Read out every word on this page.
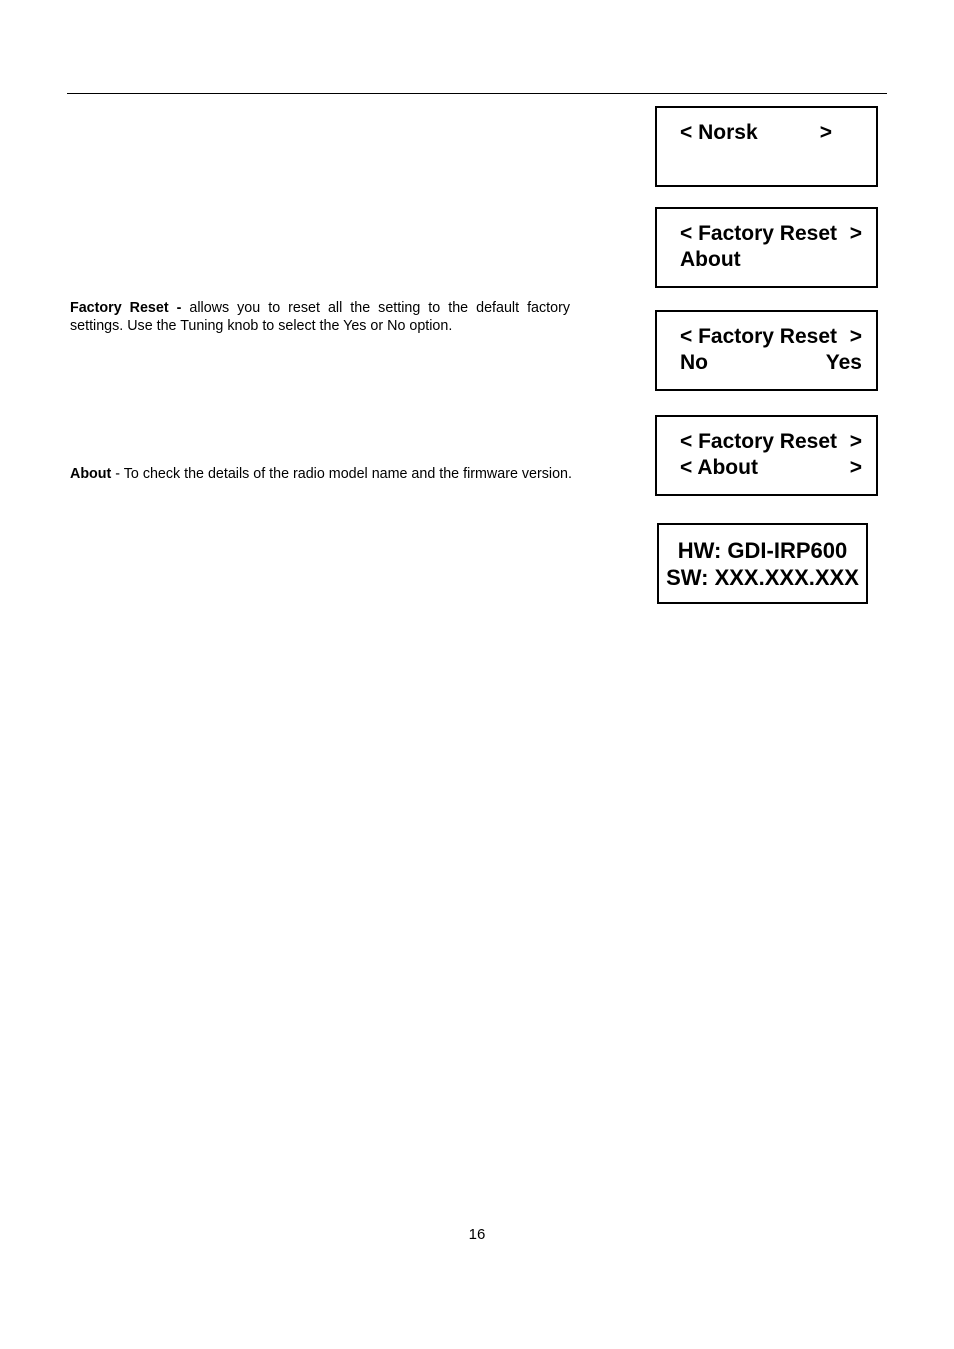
< Norsk	>
< Factory Reset >
About
Factory Reset - allows you to reset all the setting to the default factory settings. Use the Tuning knob to select the Yes or No option.	< Factory Reset >
No	Yes
< Factory Reset >
< About	>
About - To check the details of the radio model name and the firmware version.
HW: GDI-IRP600
SW: XXX.XXX.XXX
16
